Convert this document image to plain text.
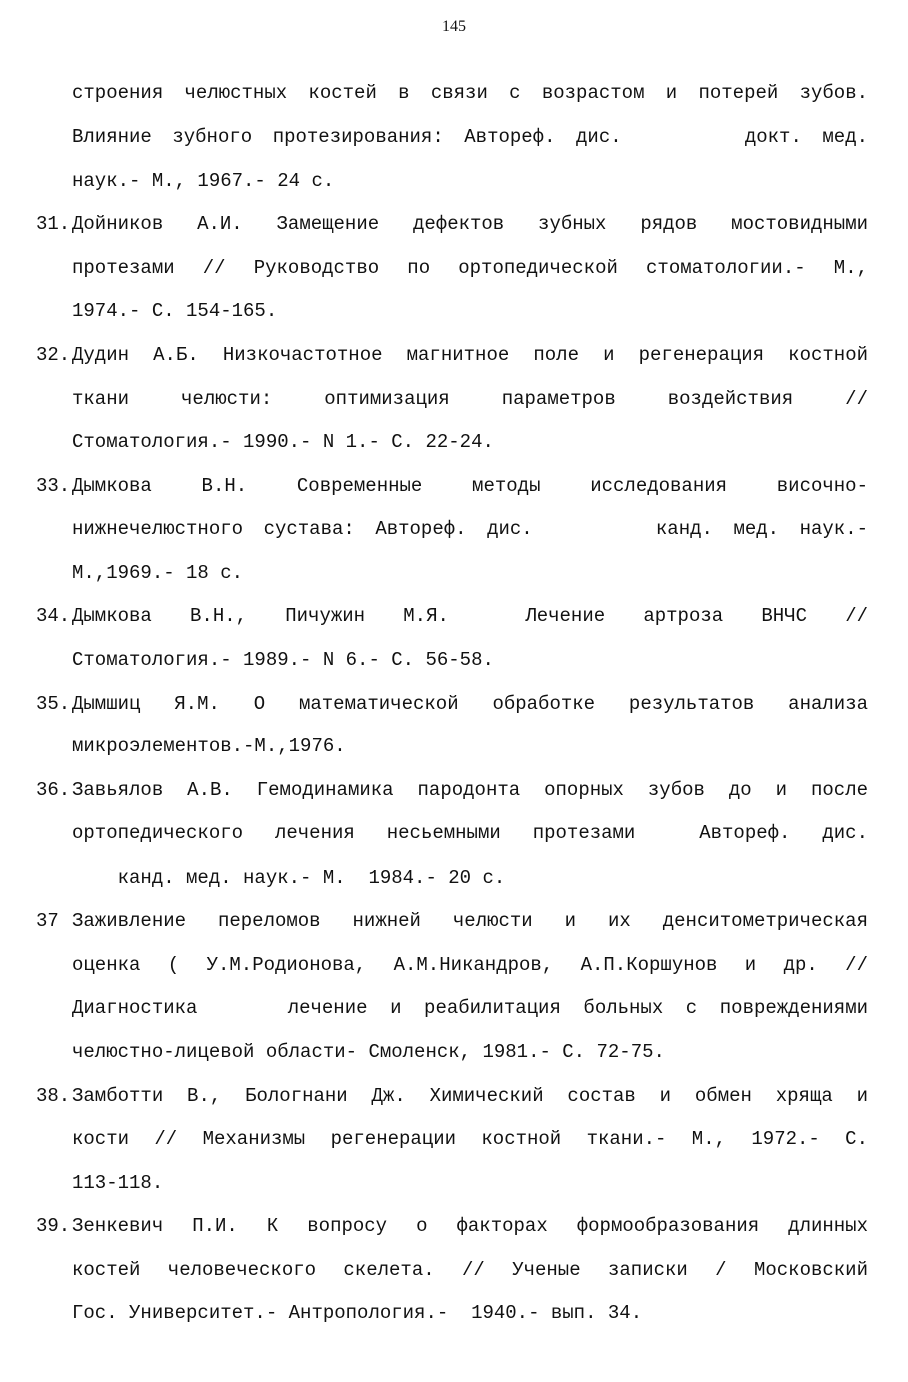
145
строения челюстных костей в связи с возрастом и потерей зубов.
Влияние зубного протезирования: Автореф. дис.      докт. мед.
наук.- М., 1967.- 24 с.
31. Дойников А.И. Замещение дефектов зубных рядов мостовидными
протезами // Руководство по ортопедической стоматологии.- М.,
1974.- С. 154-165.
32. Дудин А.Б. Низкочастотное магнитное поле и регенерация костной
ткани челюсти: оптимизация параметров воздействия //
Стоматология.- 1990.- N 1.- С. 22-24.
33. Дымкова В.Н. Современные методы исследования височно-
нижнечелюстного сустава: Автореф. дис.      канд. мед. наук.-
М.,1969.- 18 с.
34. Дымкова В.Н., Пичужин М.Я.  Лечение артроза ВНЧС //
Стоматология.- 1989.- N 6.- С. 56-58.
35. Дымшиц Я.М. О математической обработке результатов анализа
микроэлементов.-М.,1976.
36. Завьялов А.В. Гемодинамика пародонта опорных зубов до и после
ортопедического лечения несьемными протезами  Автореф. дис.
канд. мед. наук.- М.  1984.- 20 с.
37 Заживление переломов нижней челюсти и их денситометрическая
оценка ( У.М.Родионова, А.М.Никандров, А.П.Коршунов и др. //
Диагностика    лечение и реабилитация больных с повреждениями
челюстно-лицевой области- Смоленск, 1981.- С. 72-75.
38. Замботти В., Бологнани Дж. Химический состав и обмен хряща и
кости // Механизмы регенерации костной ткани.- М., 1972.- С.
113-118.
39. Зенкевич П.И. К вопросу о факторах формообразования длинных
костей человеческого скелета. // Ученые записки / Московский
Гос. Университет.- Антропология.-  1940.- вып. 34.
